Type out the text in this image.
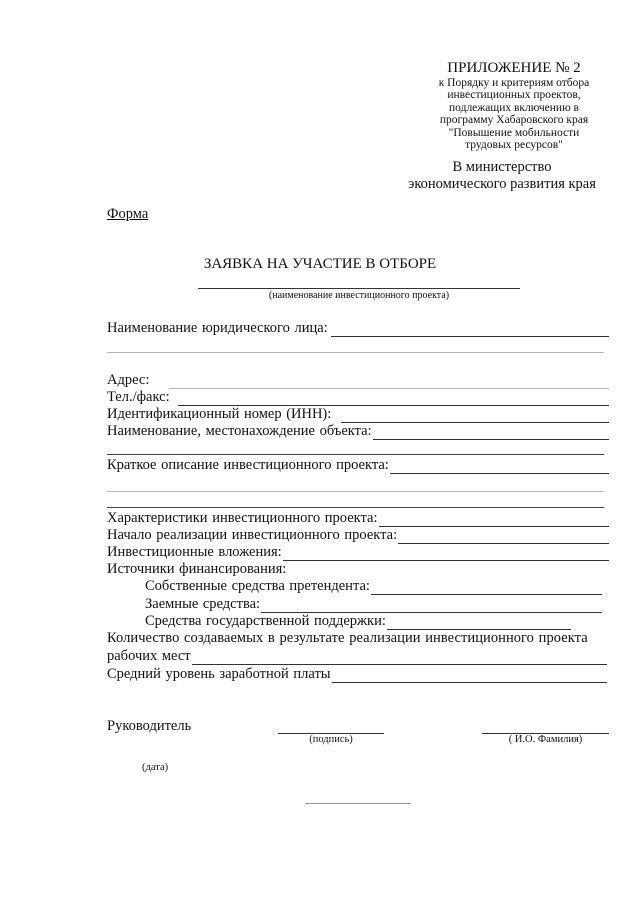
ПРИЛОЖЕНИЕ № 2
к Порядку и критериям отбора
инвестиционных проектов,
подлежащих включению в
программу Хабаровского края
"Повышение мобильности
трудовых ресурсов"
В министерство
экономического развития края
Форма
ЗАЯВКА НА УЧАСТИЕ В ОТБОРЕ
(наименование инвестиционного проекта)
Наименование юридического лица:
Адрес:
Тел./факс:
Идентификационный номер (ИНН):
Наименование, местонахождение объекта:
Краткое описание инвестиционного проекта:
Характеристики инвестиционного проекта:
Начало реализации инвестиционного проекта:
Инвестиционные вложения:
Источники финансирования:
Собственные средства претендента:
Заемные средства:
Средства государственной поддержки:
Количество создаваемых в результате реализации инвестиционного проекта
рабочих мест
Средний уровень заработной платы
Руководитель
(подпись)	( И.О. Фамилия)
(дата)
